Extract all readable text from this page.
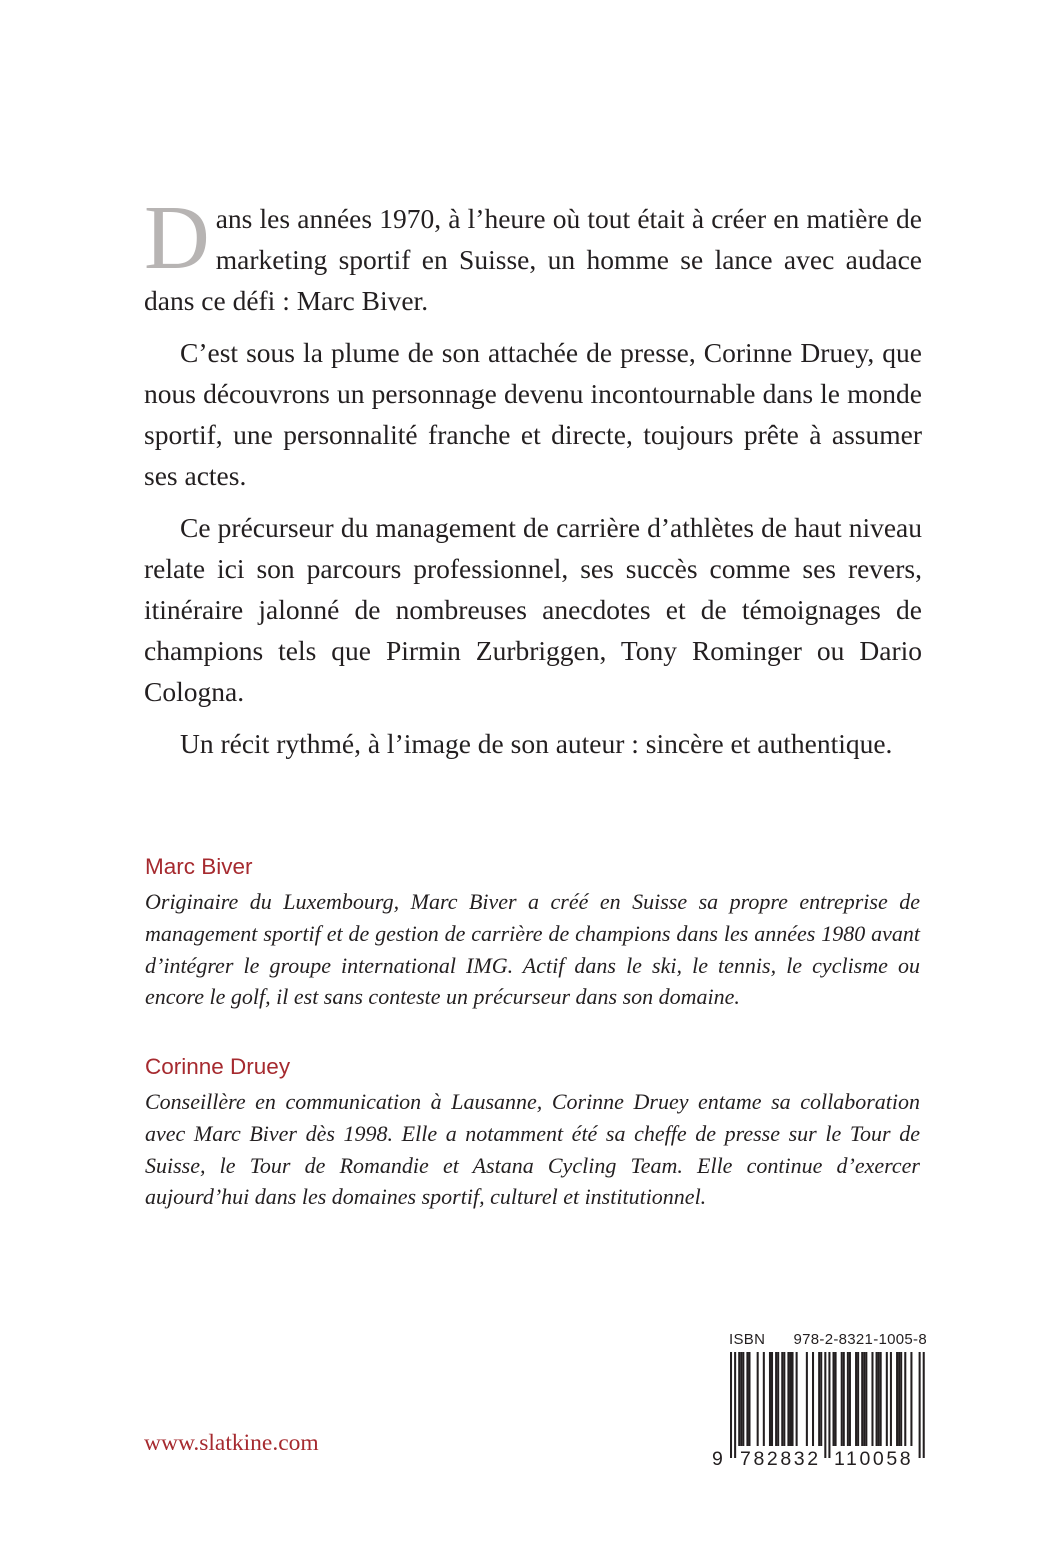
Dans les années 1970, à l’heure où tout était à créer en matière de marketing sportif en Suisse, un homme se lance avec audace dans ce défi : Marc Biver.

C’est sous la plume de son attachée de presse, Corinne Druey, que nous découvrons un personnage devenu incontournable dans le monde sportif, une personnalité franche et directe, toujours prête à assumer ses actes.

Ce précurseur du management de carrière d’athlètes de haut niveau relate ici son parcours professionnel, ses succès comme ses revers, itinéraire jalonné de nombreuses anecdotes et de témoignages de champions tels que Pirmin Zurbriggen, Tony Rominger ou Dario Cologna.

Un récit rythmé, à l’image de son auteur : sincère et authentique.

Marc Biver

Originaire du Luxembourg, Marc Biver a créé en Suisse sa propre entreprise de management sportif et de gestion de carrière de champions dans les années 1980 avant d’intégrer le groupe international IMG. Actif dans le ski, le tennis, le cyclisme ou encore le golf, il est sans conteste un précurseur dans son domaine.

Corinne Druey

Conseillère en communication à Lausanne, Corinne Druey entame sa collaboration avec Marc Biver dès 1998. Elle a notamment été sa cheffe de presse sur le Tour de Suisse, le Tour de Romandie et Astana Cycling Team. Elle continue d’exercer aujourd’hui dans les domaines sportif, culturel et institutionnel.

www.slatkine.com
ISBN 978-2-8321-1005-8
9 782832 110058
